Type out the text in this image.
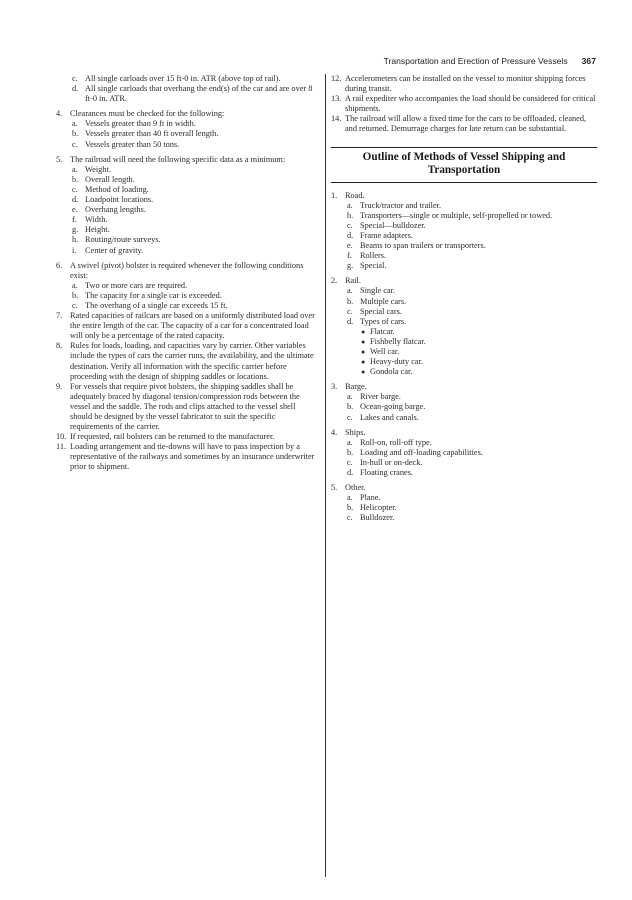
Transportation and Erection of Pressure Vessels 367
c. All single carloads over 15 ft-0 in. ATR (above top of rail).
d. All single carloads that overhang the end(s) of the car and are over 8 ft-0 in. ATR.
4. Clearances must be checked for the following:
a. Vessels greater than 9 ft in width.
b. Vessels greater than 40 ft overall length.
c. Vessels greater than 50 tons.
5. The railroad will need the following specific data as a minimum:
a. Weight.
b. Overall length.
c. Method of loading.
d. Loadpoint locations.
e. Overhang lengths.
f. Width.
g. Height.
h. Routing/route surveys.
i. Center of gravity.
6. A swivel (pivot) bolster is required whenever the following conditions exist:
a. Two or more cars are required.
b. The capacity for a single car is exceeded.
c. The overhang of a single car exceeds 15 ft.
7. Rated capacities of railcars are based on a uniformly distributed load over the entire length of the car. The capacity of a car for a concentrated load will only be a percentage of the rated capacity.
8. Rules for loads, loading, and capacities vary by carrier. Other variables include the types of cars the carrier runs, the availability, and the ultimate destination. Verify all information with the specific carrier before proceeding with the design of shipping saddles or locations.
9. For vessels that require pivot bolsters, the shipping saddles shall be adequately braced by diagonal tension/compression rods between the vessel and the saddle. The rods and clips attached to the vessel shell should be designed by the vessel fabricator to suit the specific requirements of the carrier.
10. If requested, rail bolsters can be returned to the manufacturer.
11. Loading arrangement and tie-downs will have to pass inspection by a representative of the railways and sometimes by an insurance underwriter prior to shipment.
12. Accelerometers can be installed on the vessel to monitor shipping forces during transit.
13. A rail expediter who accompanies the load should be considered for critical shipments.
14. The railroad will allow a fixed time for the cars to be offloaded, cleaned, and returned. Demurrage charges for late return can be substantial.
Outline of Methods of Vessel Shipping and Transportation
1. Road.
a. Truck/tractor and trailer.
b. Transporters—single or multiple, self-propelled or towed.
c. Special—bulldozer.
d. Frame adapters.
e. Beams to span trailers or transporters.
f. Rollers.
g. Special.
2. Rail.
a. Single car.
b. Multiple cars.
c. Special cars.
d. Types of cars.
● Flatcar.
● Fishbelly flatcar.
● Well car.
● Heavy-duty car.
● Gondola car.
3. Barge.
a. River barge.
b. Ocean-going barge.
c. Lakes and canals.
4. Ships.
a. Roll-on, roll-off type.
b. Loading and off-loading capabilities.
c. In-hull or on-deck.
d. Floating cranes.
5. Other.
a. Plane.
b. Helicopter.
c. Bulldozer.
